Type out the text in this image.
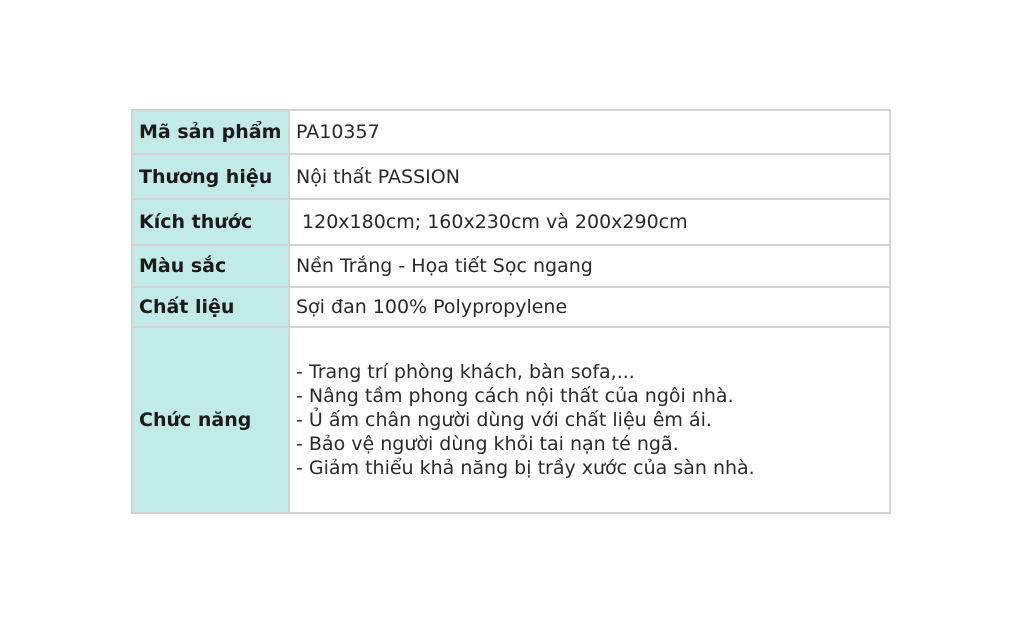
Mã sản phẩm	PA10357
Thương hiệu	Nội thất PASSION
Kích thước	120x180cm; 160x230cm và 200x290cm
Màu sắc	Nền Trắng - Họa tiết Sọc ngang
Chất liệu	Sợi đan 100% Polypropylene
Chức năng	- Trang trí phòng khách, bàn sofa,...
- Nâng tầm phong cách nội thất của ngôi nhà.
- Ủ ấm chân người dùng với chất liệu êm ái.
- Bảo vệ người dùng khỏi tai nạn té ngã.
- Giảm thiểu khả năng bị trầy xước của sàn nhà.
